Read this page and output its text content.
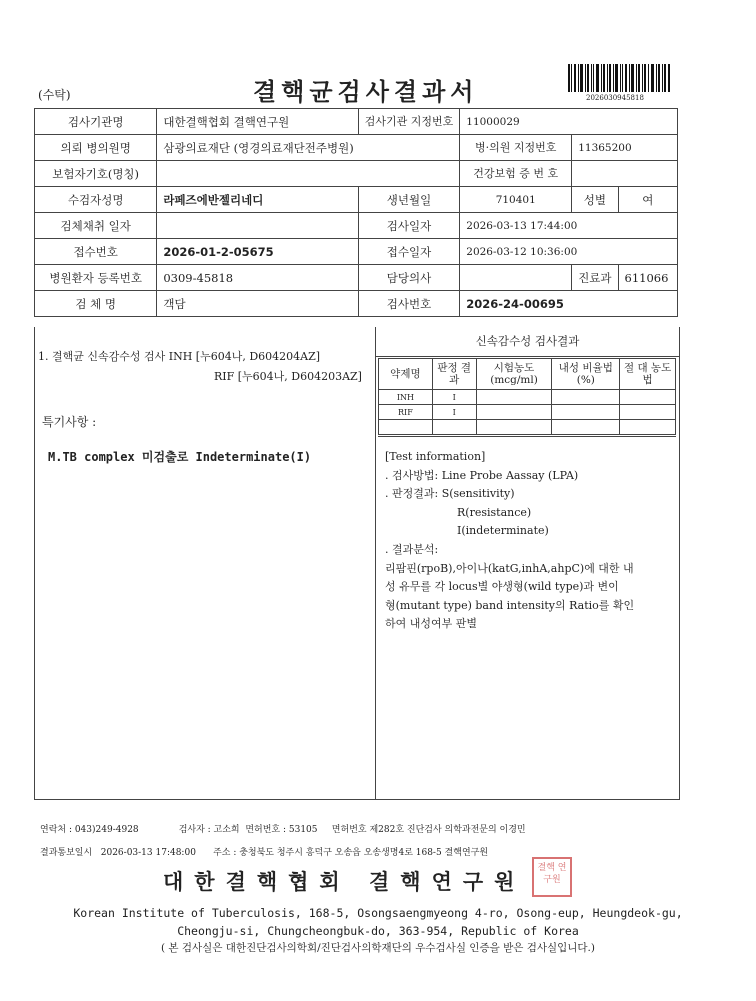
(수탁)	결핵균검사결과서	2026030945818
검사기관명	대한결핵협회 결핵연구원	검사기관 지정번호	11000029		
의뢰 병의원명	삼광의료재단 (영경의료재단전주병원)		병·의원 지정번호	11365200	
보험자기호(명칭)			건강보험 증 번 호		
수검자성명	라페즈에반젤리네디	생년월일	710401	성별	여
검체채취 일자		검사일자	2026-03-13 17:44:00		
접수번호	2026-01-2-05675	접수일자	2026-03-12 10:36:00		
병원환자 등록번호	0309-45818	담당의사		진료과	611066
검 체 명	객담	검사번호	2026-24-00695		
1. 결핵균 신속감수성 검사 INH [누604나, D604204AZ]
RIF [누604나, D604203AZ]
특기사항 :
M.TB complex 미검출로 Indeterminate(I)
신속감수성 검사결과
약제명	판정 결과	시험농도 (mcg/ml)	내성 비율법(%)	절 대 농도법
INH	I			
RIF	I			

[Test information]

. 검사방법: Line Probe Aassay (LPA)

. 판정결과: S(sensitivity)

R(resistance)

I(indeterminate)

. 결과분석:

리팜핀(rpoB),아이나(katG,inhA,ahpC)에 대한 내

성 유무를 각 locus별 야생형(wild type)과 변이

형(mutant type) band intensity의 Ratio를 확인

하여 내성여부 판별

연락처 : 043)249-4928              검사자 : 고소희  면허번호 : 53105     면허번호 제282호 진단검사 의학과전문의 이경민
결과통보일시   2026-03-13 17:48:00      주소 : 충청북도 청주시 흥덕구 오송읍 오송생명4로 168-5 결핵연구원
대한결핵협회 결핵연구원
결핵 연구원
Korean Institute of Tuberculosis, 168-5, Osongsaengmyeong 4-ro, Osong-eup, Heungdeok-gu,
Cheongju-si, Chungcheongbuk-do, 363-954, Republic of Korea
( 본 검사실은 대한진단검사의학회/진단검사의학재단의 우수검사실 인증을 받은 검사실입니다.)
